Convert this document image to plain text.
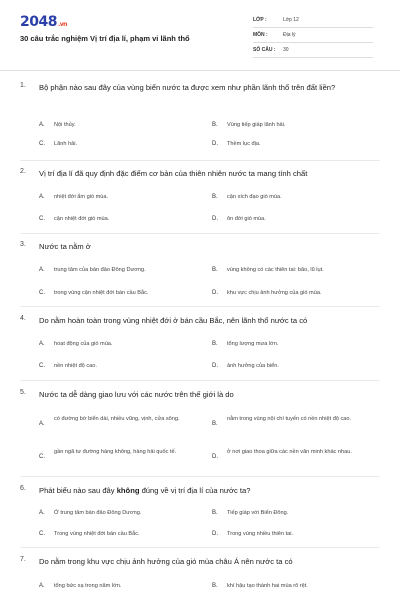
2048.vn
30 câu trắc nghiệm Vị trí địa lí, phạm vi lãnh thổ
LỚP :	Lớp 12
MÔN :	Địa lý
SỐ CÂU : 30
1. Bộ phận nào sau đây của vùng biển nước ta được xem như phần lãnh thổ trên đất liền?
A. Nội thủy.	B. Vùng tiếp giáp lãnh hải.
C. Lãnh hải.	D. Thềm lục địa.
2. Vị trí địa lí đã quy định đặc điểm cơ bản của thiên nhiên nước ta mang tính chất
A. nhiệt đới ẩm gió mùa.	B. cận xích đạo gió mùa.
C. cận nhiệt đới gió mùa.	D. ôn đới gió mùa.
3. Nước ta nằm ở
A. trung tâm của bán đảo Đông Dương.	B. vùng không có các thiên tai: bão, lũ lụt.
C. trong vùng cận nhiệt đới bán cầu Bắc.	D. khu vực chịu ảnh hưởng của gió mùa.
4. Do nằm hoàn toàn trong vùng nhiệt đới ở bán cầu Bắc, nên lãnh thổ nước ta có
A. hoạt động của gió mùa.	B. tổng lượng mưa lớn.
C. nền nhiệt độ cao.	D. ảnh hưởng của biển.
5. Nước ta dễ dàng giao lưu với các nước trên thế giới là do
A.
có đường bờ biển dài, nhiều vũng, vịnh, cửa sông.
B.
nằm trong vùng nội chí tuyến có nền nhiệt độ cao.
C.
gần ngã tư đường hàng không, hàng hải quốc tế.
D.
ở nơi giao thoa giữa các nền văn minh khác nhau.
6. Phát biểu nào sau đây không đúng về vị trí địa lí của nước ta?
A. Ở trung tâm bán đảo Đông Dương.	B. Tiếp giáp với Biển Đông.
C. Trong vùng nhiệt đới bán cầu Bắc.	D. Trong vùng nhiều thiên tai.
7. Do nằm trong khu vực chịu ảnh hưởng của gió mùa châu Á nên nước ta có
A. tổng bức xạ trong năm lớn.	B. khí hậu tạo thành hai mùa rõ rệt.
